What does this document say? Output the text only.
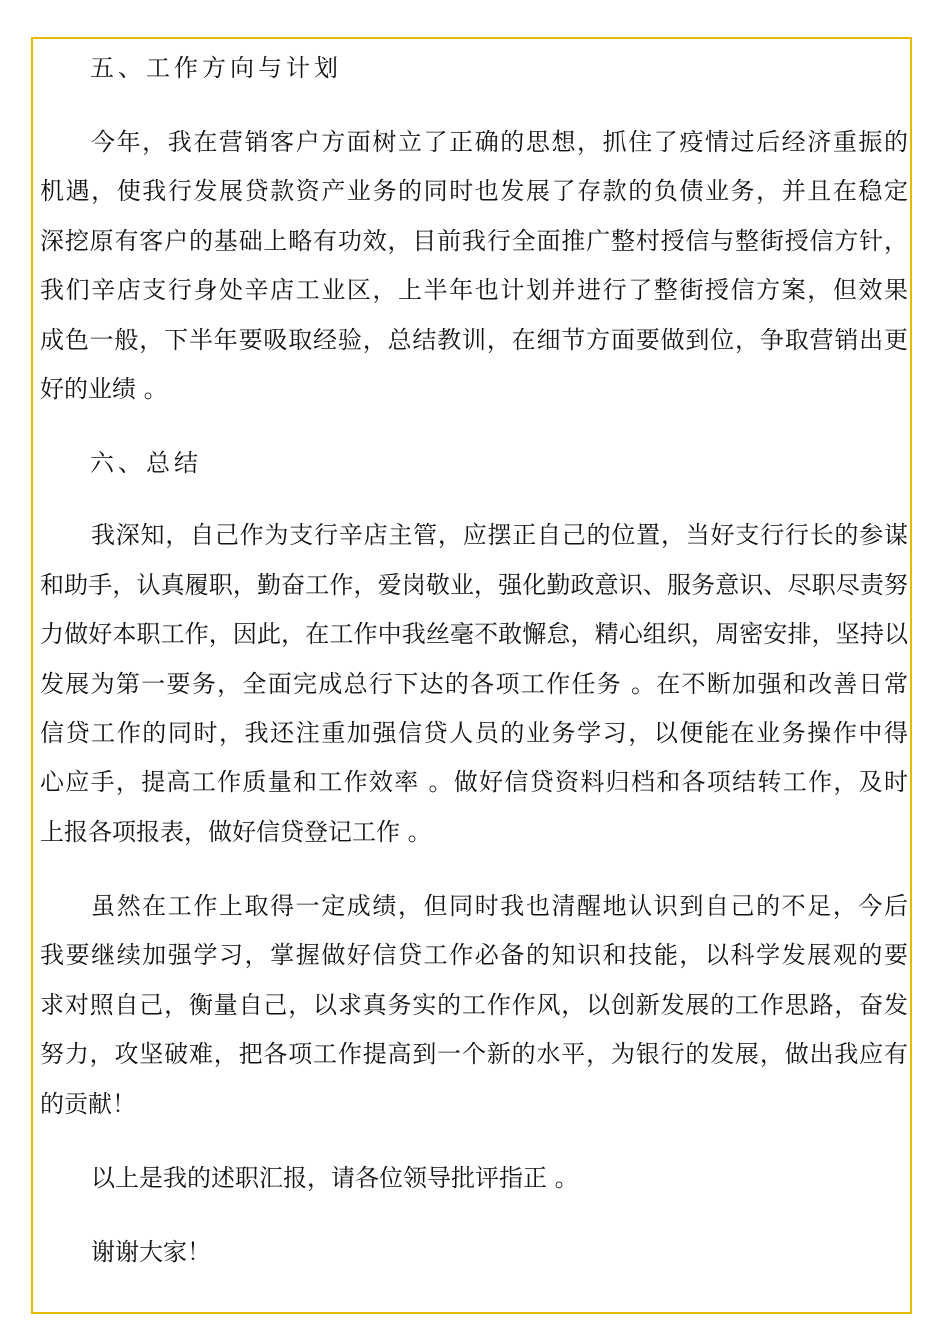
五、工作方向与计划

今年，我在营销客户方面树立了正确的思想，抓住了疫情过后经济重振的
机遇，使我行发展贷款资产业务的同时也发展了存款的负债业务，并且在稳定
深挖原有客户的基础上略有功效，目前我行全面推广整村授信与整街授信方针，
我们辛店支行身处辛店工业区，上半年也计划并进行了整街授信方案，但效果
成色一般，下半年要吸取经验，总结教训，在细节方面要做到位，争取营销出更
好的业绩 。

六、总结

我深知，自己作为支行辛店主管，应摆正自己的位置，当好支行行长的参谋
和助手，认真履职，勤奋工作，爱岗敬业，强化勤政意识、服务意识、尽职尽责努
力做好本职工作，因此，在工作中我丝毫不敢懈怠，精心组织，周密安排，坚持以
发展为第一要务，全面完成总行下达的各项工作任务 。在不断加强和改善日常
信贷工作的同时，我还注重加强信贷人员的业务学习，以便能在业务操作中得
心应手，提高工作质量和工作效率 。做好信贷资料归档和各项结转工作，及时
上报各项报表，做好信贷登记工作 。
虽然在工作上取得一定成绩，但同时我也清醒地认识到自己的不足，今后
我要继续加强学习，掌握做好信贷工作必备的知识和技能，以科学发展观的要
求对照自己，衡量自己，以求真务实的工作作风，以创新发展的工作思路，奋发
努力，攻坚破难，把各项工作提高到一个新的水平，为银行的发展，做出我应有
的贡献！
以上是我的述职汇报，请各位领导批评指正 。
谢谢大家！
